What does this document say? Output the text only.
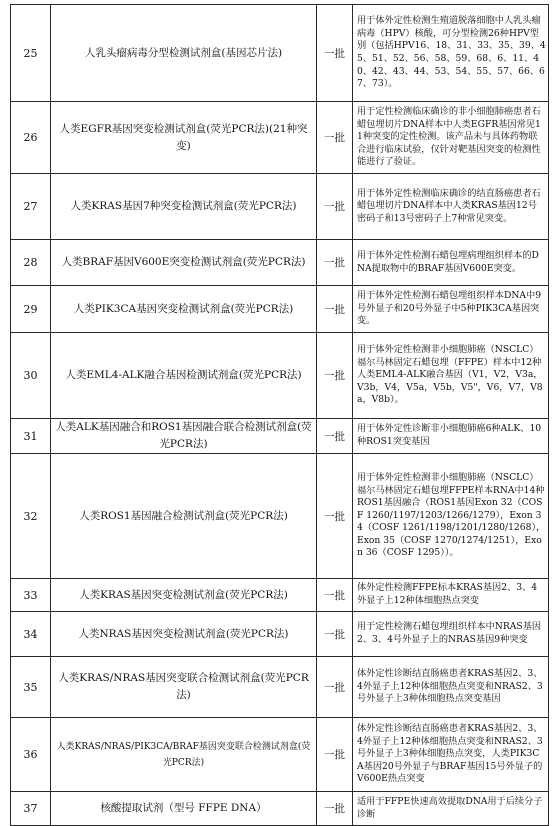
25	人乳头瘤病毒分型检测试剂盒(基因芯片法)	一批	用于体外定性检测生殖道脱落细胞中人乳头瘤病毒（HPV）核酸，可分型检测26种HPV型别（包括HPV16、18、31、33、35、39、45、51、52、56、58、59、68、6、11、40、42、43、44、53、54、55、57、66、67、73）。
26	人类EGFR基因突变检测试剂盒(荧光PCR法)(21种突变)	一批	用于定性检测临床确诊的非小细胞肺癌患者石蜡包埋切片DNA样本中人类EGFR基因常见11种突变的定性检测。该产品未与具体药物联合进行临床试验，仅针对靶基因突变的检测性能进行了验证。
27	人类KRAS基因7种突变检测试剂盒(荧光PCR法)	一批	用于体外定性检测临床确诊的结直肠癌患者石蜡包埋切片DNA样本中人类KRAS基因12号密码子和13号密码子上7种常见突变。
28	人类BRAF基因V600E突变检测试剂盒(荧光PCR法)	一批	用于体外定性检测石蜡包埋病理组织样本的DNA提取物中的BRAF基因V600E突变。
29	人类PIK3CA基因突变检测试剂盒(荧光PCR法)	一批	用于体外定性检测石蜡包埋组织样本DNA中9号外显子和20号外显子中5种PIK3CA基因突变。
30	人类EML4-ALK融合基因检测试剂盒(荧光PCR法)	一批	用于体外定性检测非小细胞肺癌（NSCLC）福尔马林固定石蜡包埋（FFPE）样本中12种人类EML4-ALK融合基因（V1，V2，V3a，V3b，V4，V5a，V5b，V5"，V6，V7，V8a，V8b）。
31	人类ALK基因融合和ROS1基因融合联合检测试剂盒(荧光PCR法)	一批	用于体外定性诊断非小细胞肺癌6种ALK、10种ROS1突变基因
32	人类ROS1基因融合检测试剂盒(荧光PCR法)	一批	用于体外定性检测非小细胞肺癌（NSCLC）福尔马林固定石蜡包埋FFPE样本RNA中14种ROS1基因融合（ROS1基因Exon 32（COSF 1260/1197/1203/1266/1279），Exon 34（COSF 1261/1198/1201/1280/1268），Exon 35（COSF 1270/1274/1251），Exon 36（COSF 1295））。
33	人类KRAS基因突变检测试剂盒(荧光PCR法)	一批	体外定性检测FFPE标本KRAS基因2、3、4外显子上12种体细胞热点突变
34	人类NRAS基因突变检测试剂盒(荧光PCR法)	一批	用于定性检测石蜡包埋组织样本中NRAS基因2、3、4号外显子上的NRAS基因9种突变
35	人类KRAS/NRAS基因突变联合检测试剂盒(荧光PCR法)	一批	体外定性诊断结直肠癌患者KRAS基因2、3、4外显子上12种体细胞热点突变和NRAS2、3号外显子上3种体细胞热点突变基因
36	人类KRAS/NRAS/PIK3CA/BRAF基因突变联合检测试剂盒(荧光PCR法)	一批	体外定性诊断结直肠癌患者KRAS基因2、3、4外显子上12种体细胞热点突变和NRAS2、3号外显子上3种体细胞热点突变，人类PIK3CA基因20号外显子与BRAF基因15号外显子的V600E热点突变
37	核酸提取试剂（型号 FFPE DNA）	一批	适用于FFPE快速高效提取DNA用于后续分子诊断
